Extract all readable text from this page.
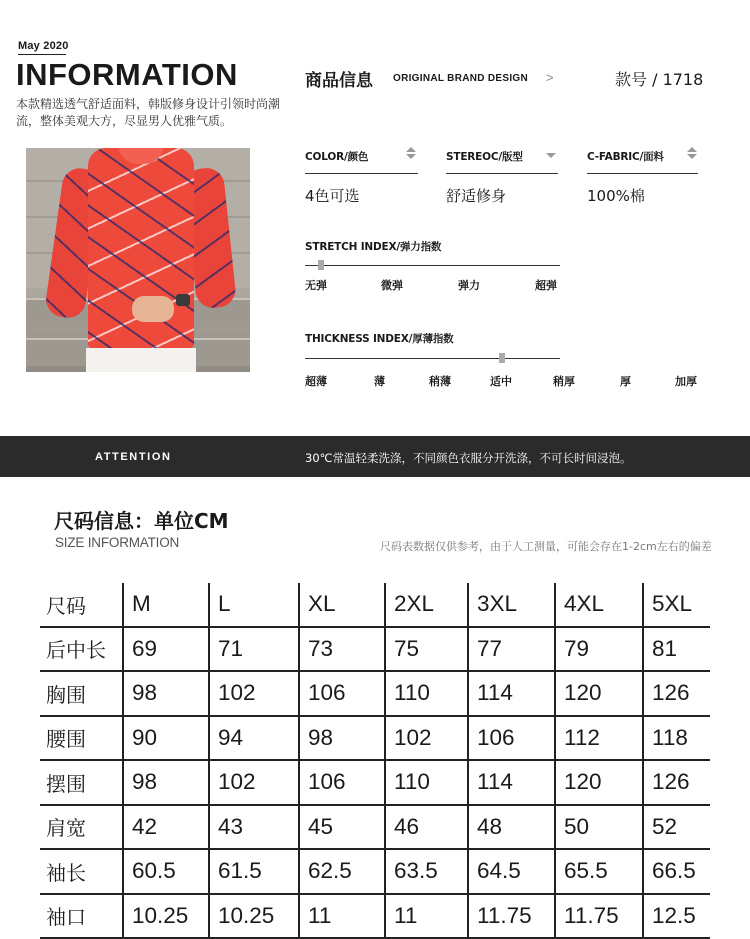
May 2020
INFORMATION
本款精选透气舒适面料，韩版修身设计引领时尚潮流，整体美观大方，尽显男人优雅气质。
商品信息 ORIGINAL BRAND DESIGN >	款号 / 1718
COLOR/颜色
4色可选
STEREOC/版型
舒适修身
C-FABRIC/面料
100%棉
STRETCH INDEX/弹力指数
无弹	微弹	弹力	超弹
THICKNESS INDEX/厚薄指数
超薄	薄	稍薄	适中	稍厚	厚	加厚
ATTENTION	30℃常温轻柔洗涤，不同颜色衣服分开洗涤，不可长时间浸泡。
尺码信息：单位CM
SIZE INFORMATION	尺码表数据仅供参考，由于人工测量，可能会存在1-2cm左右的偏差
尺码	M	L	XL	2XL	3XL	4XL	5XL
后中长	69	71	73	75	77	79	81
胸围	98	102	106	110	114	120	126
腰围	90	94	98	102	106	112	118
摆围	98	102	106	110	114	120	126
肩宽	42	43	45	46	48	50	52
袖长	60.5	61.5	62.5	63.5	64.5	65.5	66.5
袖口	10.25	10.25	11	11	11.75	11.75	12.5
